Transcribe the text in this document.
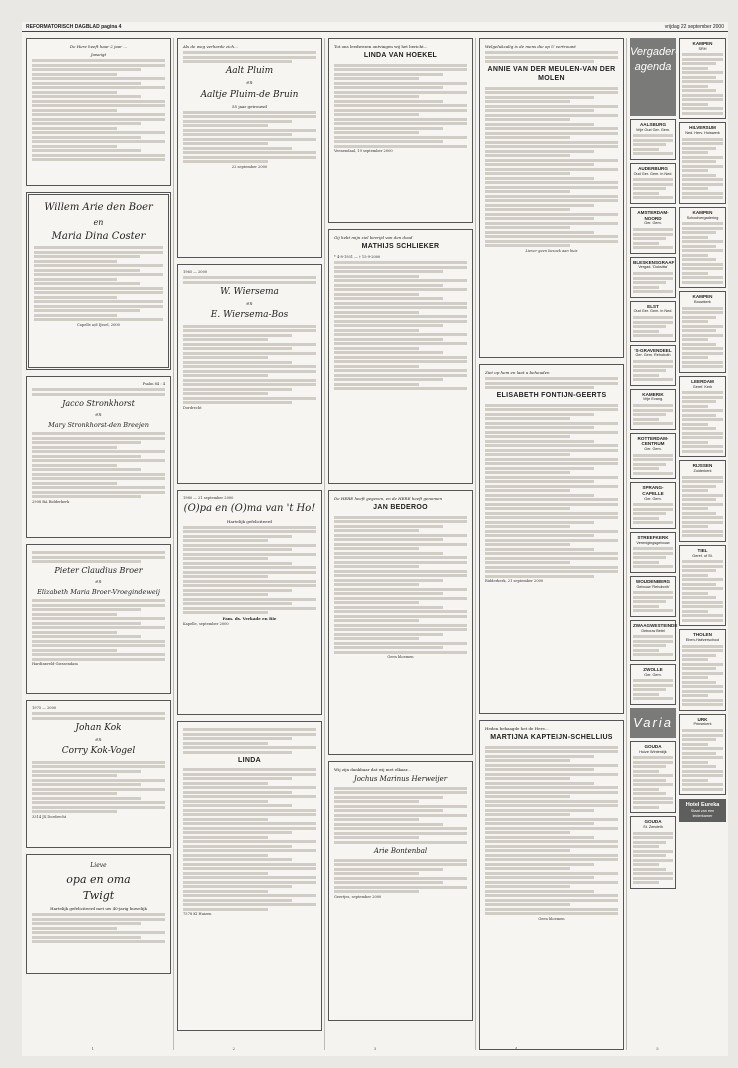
REFORMATORISCH DAGBLAD pagina 4	vrijdag 22 september 2000

De Here heeft haar 2 jaar ...

Jaweigt

Willem Arie den Boer
en
Maria Dina Coster

Capelle a/d IJssel, 2000

Psalm 84 : 4

Jacco Stronkhorst
en
Mary Stronkhorst-den Breejen

2908 BA Ridderkerk

Pieter Claudius Broer
en
Elizabeth Maria Broer-Vroegindeweij

Hardinxveld-Giessendam

1975 — 2000

Johan Kok
en
Corry Kok-Vogel

3314 JX Dordrecht

Lieve
opa en oma
Twigt

Hartelijk gefeliciteerd met uw 40-jarig huwelijk

Als de weg verharde zich...

Aalt Pluim
en
Aaltje Pluim-de Bruin

55 jaar getrouwd

22 september 2000

1965 — 2000

W. Wiersema
en
E. Wiersema-Bos

Dordrecht

1980 — 21 september 2000

(O)pa en (O)ma van 't Ho!

Hartelijk gefeliciteerd

Fam. ds. Verkade en Rie

Kapelle, september 2000

LINDA

7578 KI Huizen

Tot ons leedwezen ontvingen wij het bericht...

LINDA VAN HOEKEL

Veenendaal, 19 september 2000

Gij hebt mijn ziel bevrijd van den dood

MATHIJS SCHLIEKER

* 4-8-1931 — † 15-9-2000

De HERE heeft gegeven, en de HERE heeft genomen

JAN BEDEROO

Geen bloemen

Wij zijn dankbaar dat wij met elkaar...

Jochus Marinus Herweijer
Arie Bontenbal

Geertjes, september 2000

Welgelukzalig is de mens die op U vertrouwt

ANNIE VAN DER MEULEN-VAN DER MOLEN

Liever geen bezoek aan huis

Ziet op hem en laat u behouden

ELISABETH FONTIJN-GEERTS

Ridderkerk, 21 september 2000

Heden behaagde het de Here...

MARTIJNA KAPTEIJN-SCHELLIUS

Geen bloemen

Vergader-agenda
AALSBURG
Vrije Oud Ger. Gem.
AUDERBURG
Oud Ger. Gem. in Ned.
AMSTERDAM-NOORD
Ger. Gem.
BLESKENSGRAAF
Vergad. 'Doksitta'
ELST
Oud Ger. Gem. in Ned.
'S-GRAVENDEEL
Ger. Gem. Rehoboth
KAMERIK
Vrije Evang.
ROTTERDAM-CENTRUM
Ger. Gem.
SPRANG-CAPELLE
Ger. Gem.
STREEFKERK
Verenigingsgebouw
WOUDENBERG
Gebouw 'Rehoboth'
ZWAAGWESTEINDE
Gebouw Betel
ZWOLLE
Ger. Gem.
Varia
GOUDA
Huize Winterdijk
GOUDA
St. Zendeth
KAMPEN
SRH
HILVERSUM
Ned. Herv. Huiswerk
KAMPEN
Schoolvergadering
KAMPEN
Bouwkerk
LEERDAM
Geref. Kerk
RIJSSEN
Zuiderkerk
TIEL
Geref. of St.
THOLEN
Eben-Haëzerschool
URK
Prinsekerk
Hotel Eureka
Staat van een leiderkamer
1	2	3	4	5
